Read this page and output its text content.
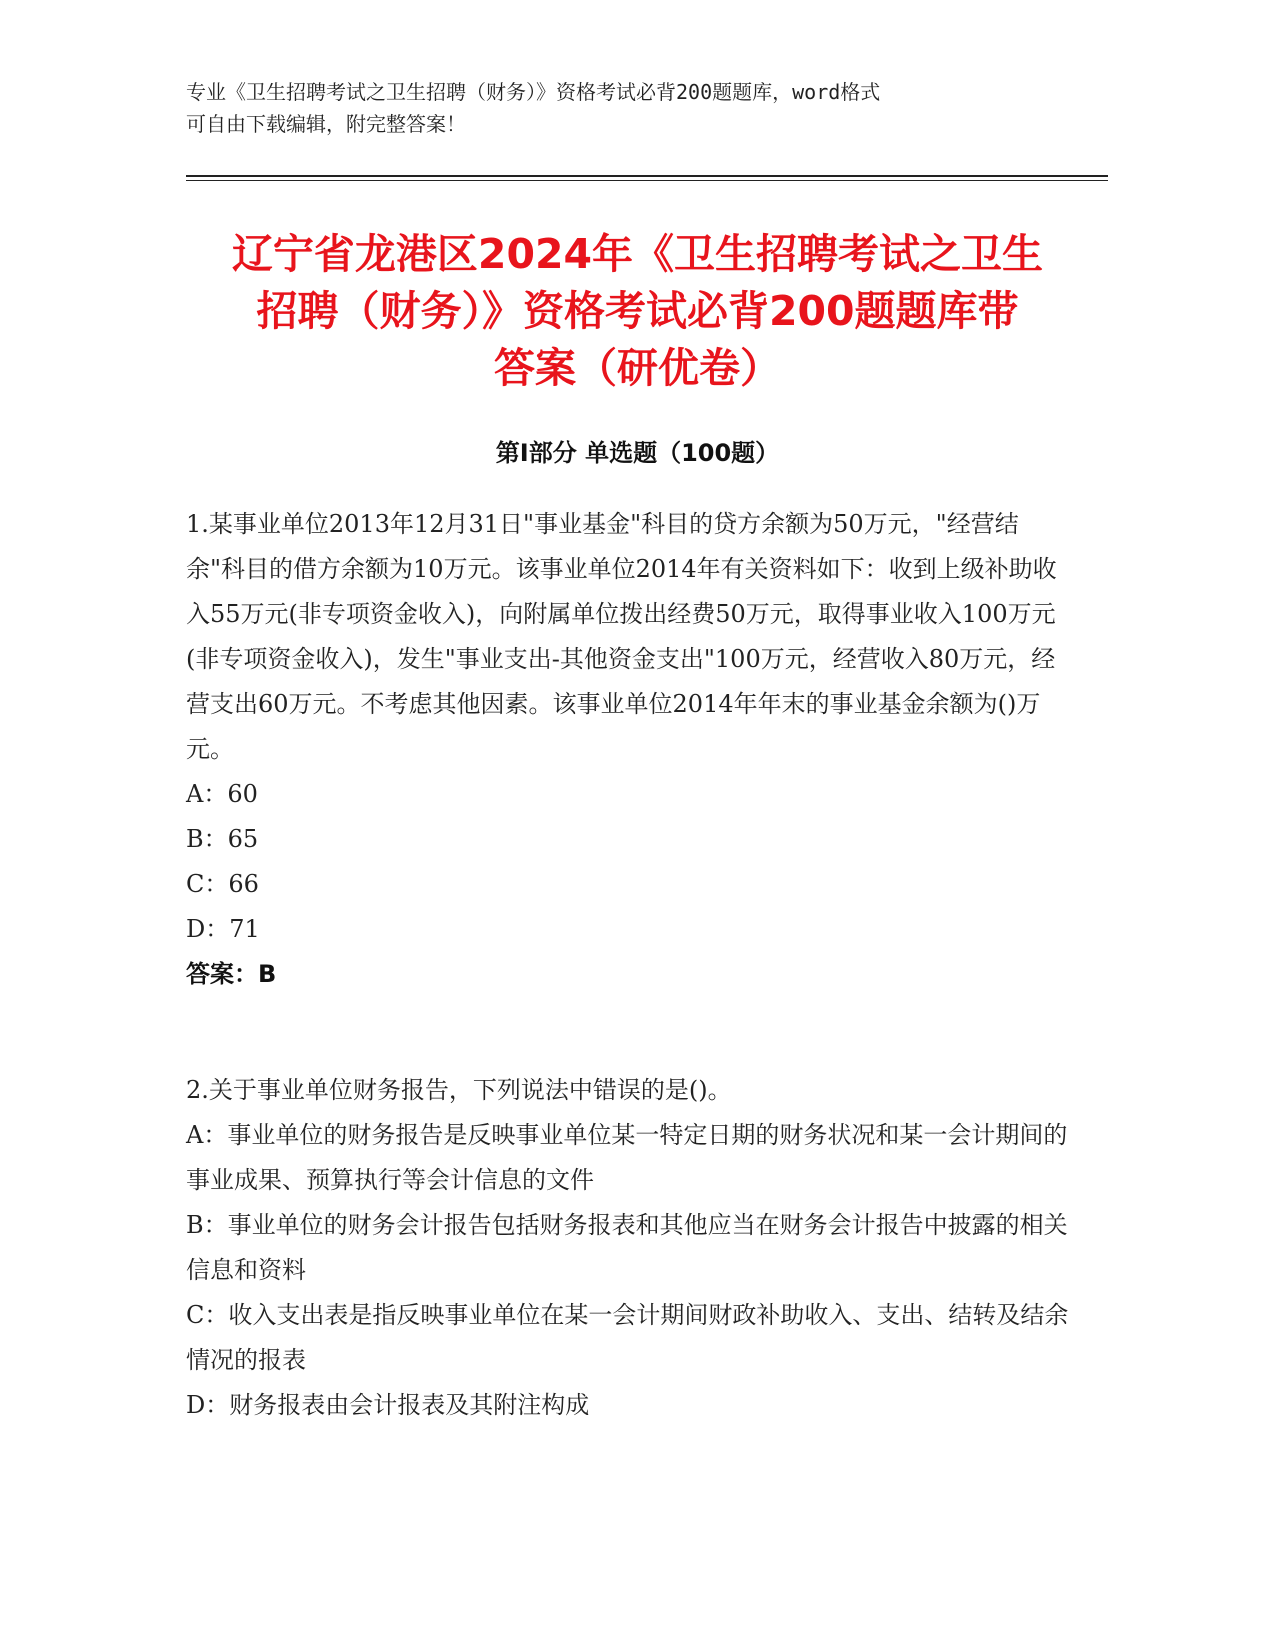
专业《卫生招聘考试之卫生招聘（财务）》资格考试必背200题题库，word格式
可自由下载编辑，附完整答案！
辽宁省龙港区2024年《卫生招聘考试之卫生
招聘（财务）》资格考试必背200题题库带
答案（研优卷）
第Ⅰ部分 单选题（100题）
1.某事业单位2013年12月31日"事业基金"科目的贷方余额为50万元，"经营结余"科目的借方余额为10万元。该事业单位2014年有关资料如下：收到上级补助收入55万元(非专项资金收入)，向附属单位拨出经费50万元，取得事业收入100万元(非专项资金收入)，发生"事业支出-其他资金支出"100万元，经营收入80万元，经营支出60万元。不考虑其他因素。该事业单位2014年年末的事业基金余额为()万元。
A：60
B：65
C：66
D：71
答案：B
2.关于事业单位财务报告，下列说法中错误的是()。
A：事业单位的财务报告是反映事业单位某一特定日期的财务状况和某一会计期间的事业成果、预算执行等会计信息的文件
B：事业单位的财务会计报告包括财务报表和其他应当在财务会计报告中披露的相关信息和资料
C：收入支出表是指反映事业单位在某一会计期间财政补助收入、支出、结转及结余情况的报表
D：财务报表由会计报表及其附注构成
